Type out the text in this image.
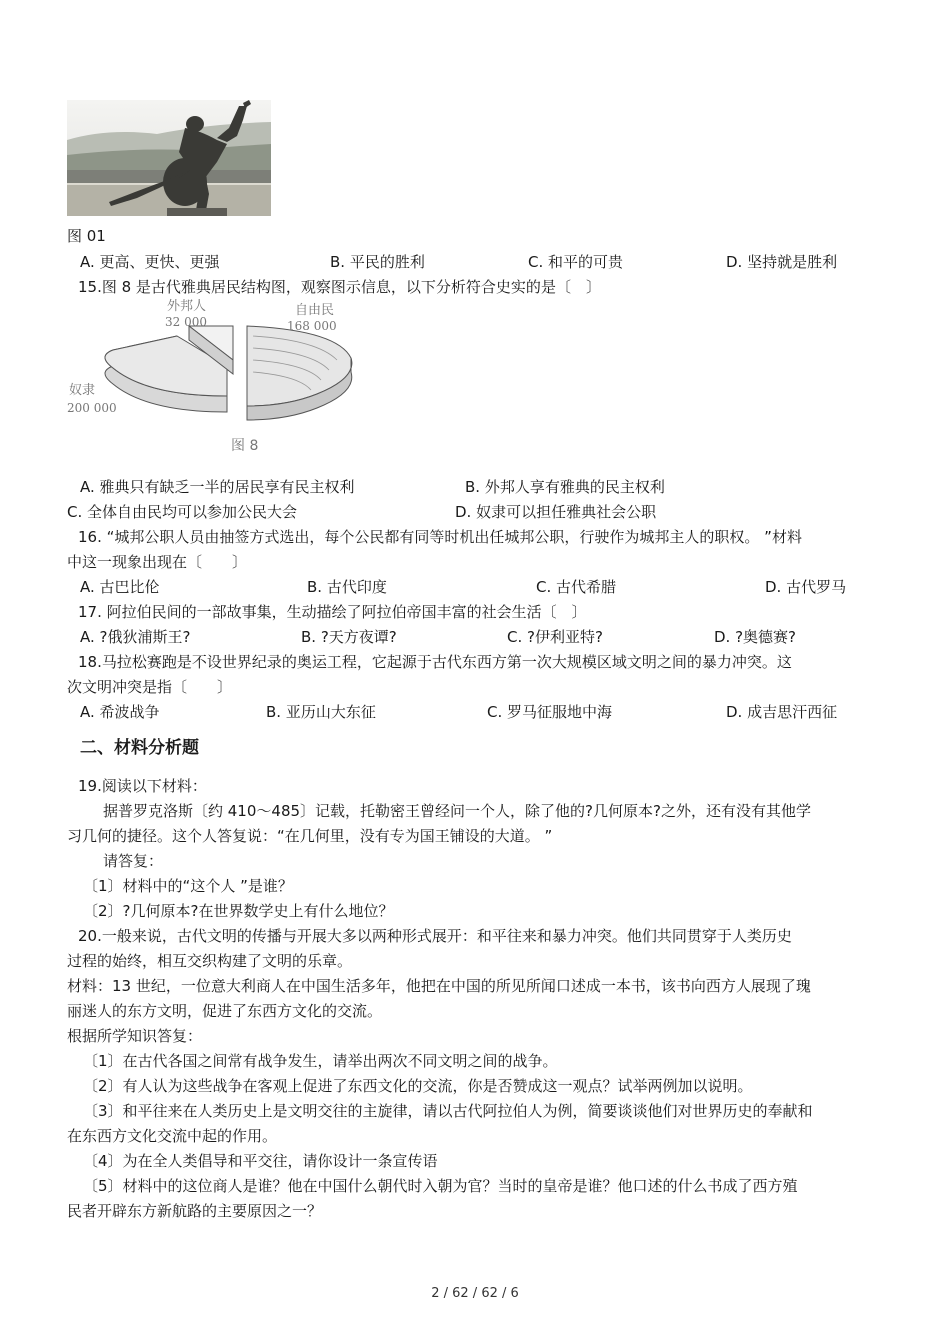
图 01
A. 更高、更快、更强	B. 平民的胜利	C. 和平的可贵	D. 坚持就是胜利
15.图 8 是古代雅典居民结构图，观察图示信息，以下分析符合史实的是〔　〕
外邦人
32 000
自由民
168 000
奴隶
200 000
图 8
A. 雅典只有缺乏一半的居民享有民主权利	B. 外邦人享有雅典的民主权利
C. 全体自由民均可以参加公民大会	D. 奴隶可以担任雅典社会公职
16. “城邦公职人员由抽签方式选出，每个公民都有同等时机出任城邦公职，行驶作为城邦主人的职权。 ”材料
中这一现象出现在〔　　〕
A. 古巴比伦	B. 古代印度	C. 古代希腊	D. 古代罗马
17. 阿拉伯民间的一部故事集，生动描绘了阿拉伯帝国丰富的社会生活〔　〕
A. ?俄狄浦斯王?	B. ?天方夜谭?	C. ?伊利亚特?	D. ?奥德赛?
18.马拉松赛跑是不设世界纪录的奥运工程，它起源于古代东西方第一次大规模区域文明之间的暴力冲突。这
次文明冲突是指〔　　〕
A. 希波战争	B. 亚历山大东征	C. 罗马征服地中海	D. 成吉思汗西征
二、材料分析题
19.阅读以下材料：
据普罗克洛斯〔约 410～485〕记载，托勒密王曾经问一个人，除了他的?几何原本?之外，还有没有其他学
习几何的捷径。这个人答复说：“在几何里，没有专为国王铺设的大道。 ”
请答复：
〔1〕材料中的“这个人 ”是谁？
〔2〕?几何原本?在世界数学史上有什么地位？
20.一般来说，古代文明的传播与开展大多以两种形式展开：和平往来和暴力冲突。他们共同贯穿于人类历史
过程的始终，相互交织构建了文明的乐章。
材料：13 世纪，一位意大利商人在中国生活多年，他把在中国的所见所闻口述成一本书，该书向西方人展现了瑰
丽迷人的东方文明，促进了东西方文化的交流。
根据所学知识答复：
〔1〕在古代各国之间常有战争发生，请举出两次不同文明之间的战争。
〔2〕有人认为这些战争在客观上促进了东西文化的交流，你是否赞成这一观点？试举两例加以说明。
〔3〕和平往来在人类历史上是文明交往的主旋律，请以古代阿拉伯人为例，简要谈谈他们对世界历史的奉献和
在东西方文化交流中起的作用。
〔4〕为在全人类倡导和平交往，请你设计一条宣传语
〔5〕材料中的这位商人是谁？他在中国什么朝代时入朝为官？当时的皇帝是谁？他口述的什么书成了西方殖
民者开辟东方新航路的主要原因之一？
2 / 62 / 62 / 6
